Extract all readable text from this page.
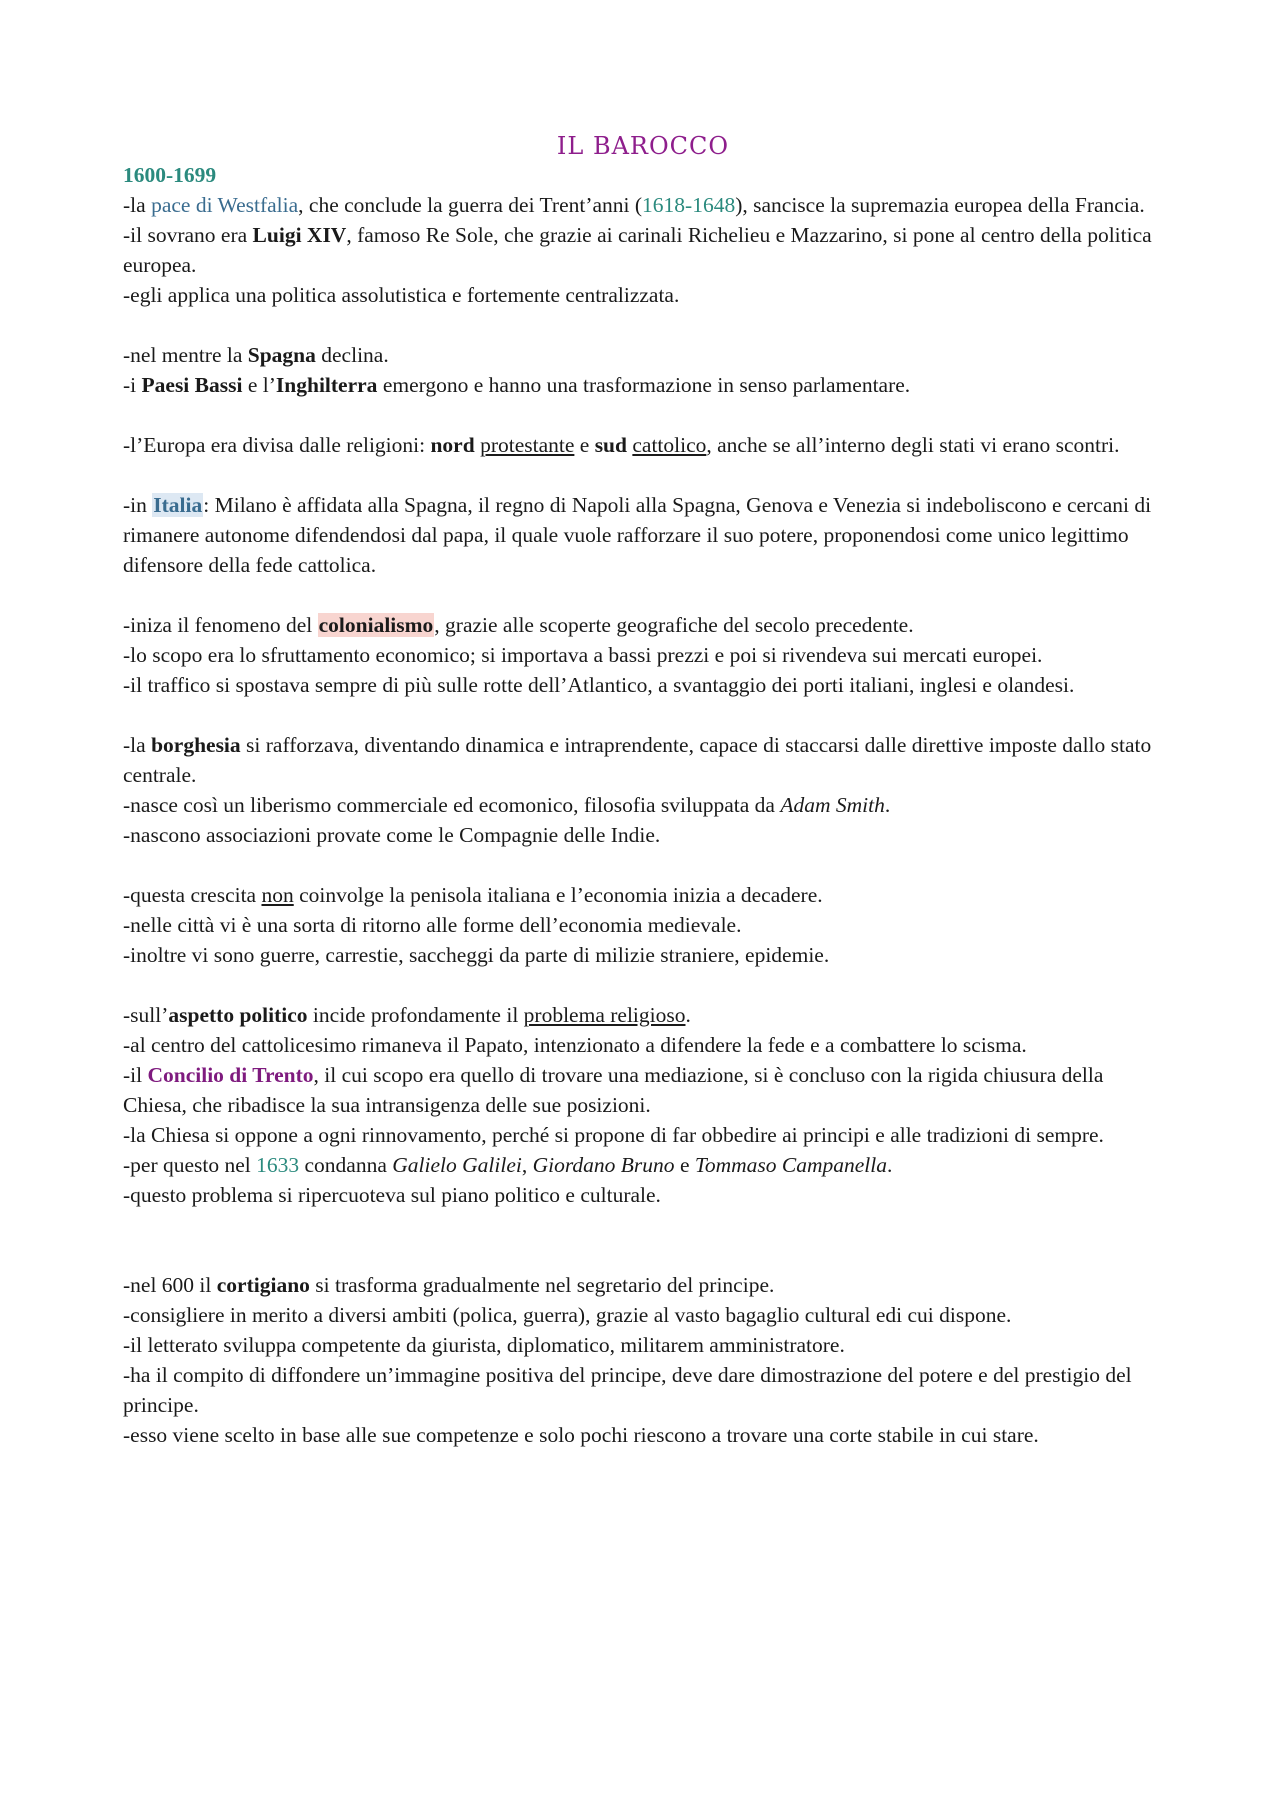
IL BAROCCO
1600-1699

-la pace di Westfalia, che conclude la guerra dei Trent’anni (1618-1648), sancisce la supremazia europea della Francia.

-il sovrano era Luigi XIV, famoso Re Sole, che grazie ai carinali Richelieu e Mazzarino, si pone al centro della politica europea.

-egli applica una politica assolutistica e fortemente centralizzata.

-nel mentre la Spagna declina.

-i Paesi Bassi e l’Inghilterra emergono e hanno una trasformazione in senso parlamentare.

-l’Europa era divisa dalle religioni: nord protestante e sud cattolico, anche se all’interno degli stati vi erano scontri.

-in Italia: Milano è affidata alla Spagna, il regno di Napoli alla Spagna, Genova e Venezia si indeboliscono e cercani di rimanere autonome difendendosi dal papa, il quale vuole rafforzare il suo potere, proponendosi come unico legittimo difensore della fede cattolica.

-iniza il fenomeno del colonialismo, grazie alle scoperte geografiche del secolo precedente.

-lo scopo era lo sfruttamento economico; si importava a bassi prezzi e poi si rivendeva sui mercati europei.

-il traffico si spostava sempre di più sulle rotte dell’Atlantico, a svantaggio dei porti italiani, inglesi e olandesi.

-la borghesia si rafforzava, diventando dinamica e intraprendente, capace di staccarsi dalle direttive imposte dallo stato centrale.

-nasce così un liberismo commerciale ed ecomonico, filosofia sviluppata da Adam Smith.

-nascono associazioni provate come le Compagnie delle Indie.

-questa crescita non coinvolge la penisola italiana e l’economia inizia a decadere.

-nelle città vi è una sorta di ritorno alle forme dell’economia medievale.

-inoltre vi sono guerre, carrestie, saccheggi da parte di milizie straniere, epidemie.

-sull’aspetto politico incide profondamente il problema religioso.

-al centro del cattolicesimo rimaneva il Papato, intenzionato a difendere la fede e a combattere lo scisma.

-il Concilio di Trento, il cui scopo era quello di trovare una mediazione, si è concluso con la rigida chiusura della Chiesa, che ribadisce la sua intransigenza delle sue posizioni.

-la Chiesa si oppone a ogni rinnovamento, perché si propone di far obbedire ai principi e alle tradizioni di sempre.

-per questo nel 1633 condanna Galielo Galilei, Giordano Bruno e Tommaso Campanella.

-questo problema si ripercuoteva sul piano politico e culturale.

-nel 600 il cortigiano si trasforma gradualmente nel segretario del principe.

-consigliere in merito a diversi ambiti (polica, guerra), grazie al vasto bagaglio cultural edi cui dispone.

-il letterato sviluppa competente da giurista, diplomatico, militarem amministratore.

-ha il compito di diffondere un’immagine positiva del principe, deve dare dimostrazione del potere e del prestigio del principe.

-esso viene scelto in base alle sue competenze e solo pochi riescono a trovare una corte stabile in cui stare.
